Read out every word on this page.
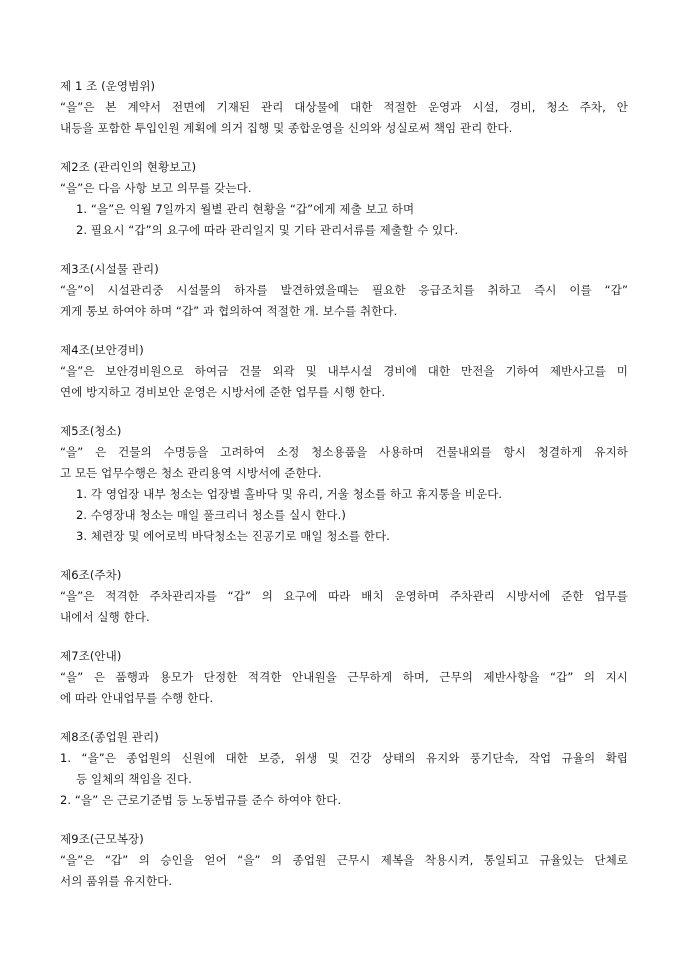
제 1 조 (운영범위)
“을”은 본 계약서 전면에 기재된 관리 대상물에 대한 적절한 운영과 시설, 경비, 청소 주차, 안
내등을 포함한 투입인원 계획에 의거 집행 및 종합운영을 신의와 성실로써 책임 관리 한다.
제2조 (관리인의 현황보고)
“을”은 다음 사항 보고 의무를 갖는다.
1. “을”은 익월 7일까지 월별 관리 현황을 “갑”에게 제출 보고 하며
2. 필요시 “갑”의 요구에 따라 관리일지 및 기타 관리서류를 제출할 수 있다.
제3조(시설물 관리)
“을”이 시설관리중 시설물의 하자를 발견하였을때는 필요한 응급조치를 취하고 즉시 이를 “갑”
게게 통보 하여야 하며 “갑” 과 협의하여 적절한 개. 보수를 취한다.
제4조(보안경비)
“을”은 보안경비원으로 하여금 건물 외곽 및 내부시설 경비에 대한 만전을 기하여 제반사고를 미
연에 방지하고 경비보안 운영은 시방서에 준한 업무를 시행 한다.
제5조(청소)
“을” 은 건물의 수명등을 고려하여 소정 청소용품을 사용하며 건물내외를 항시 청결하게 유지하
고 모든 업무수행은 청소 관리용역 시방서에 준한다.
1. 각 영업장 내부 청소는 업장별 홀바닥 및 유리, 거울 청소를 하고 휴지통을 비운다.
2. 수영장내 청소는 매일 풀크리너 청소를 실시 한다.)
3. 체련장 및 에어로빅 바닥청소는 진공기로 매일 청소를 한다.
제6조(주차)
“을”은 적격한 주차관리자를 “갑” 의 요구에 따라 배치 운영하며 주차관리 시방서에 준한 업무를
내에서 실행 한다.
제7조(안내)
“을” 은 품행과 용모가 단정한 적격한 안내원을 근무하게 하며, 근무의 제반사항을 “갑” 의 지시
에 따라 안내업무를 수행 한다.
제8조(종업원 관리)
1. “을”은 종업원의 신원에 대한 보증, 위생 및 건강 상태의 유지와 풍기단속, 작업 규율의 확립
등 일체의 책임을 진다.
2. “을” 은 근로기준법 등 노동법규를 준수 하여야 한다.
제9조(근모복장)
“을”은 “갑” 의 승인을 얻어 “을” 의 종업원 근무시 제복을 착용시켜, 통일되고 규율있는 단체로
서의 품위를 유지한다.
